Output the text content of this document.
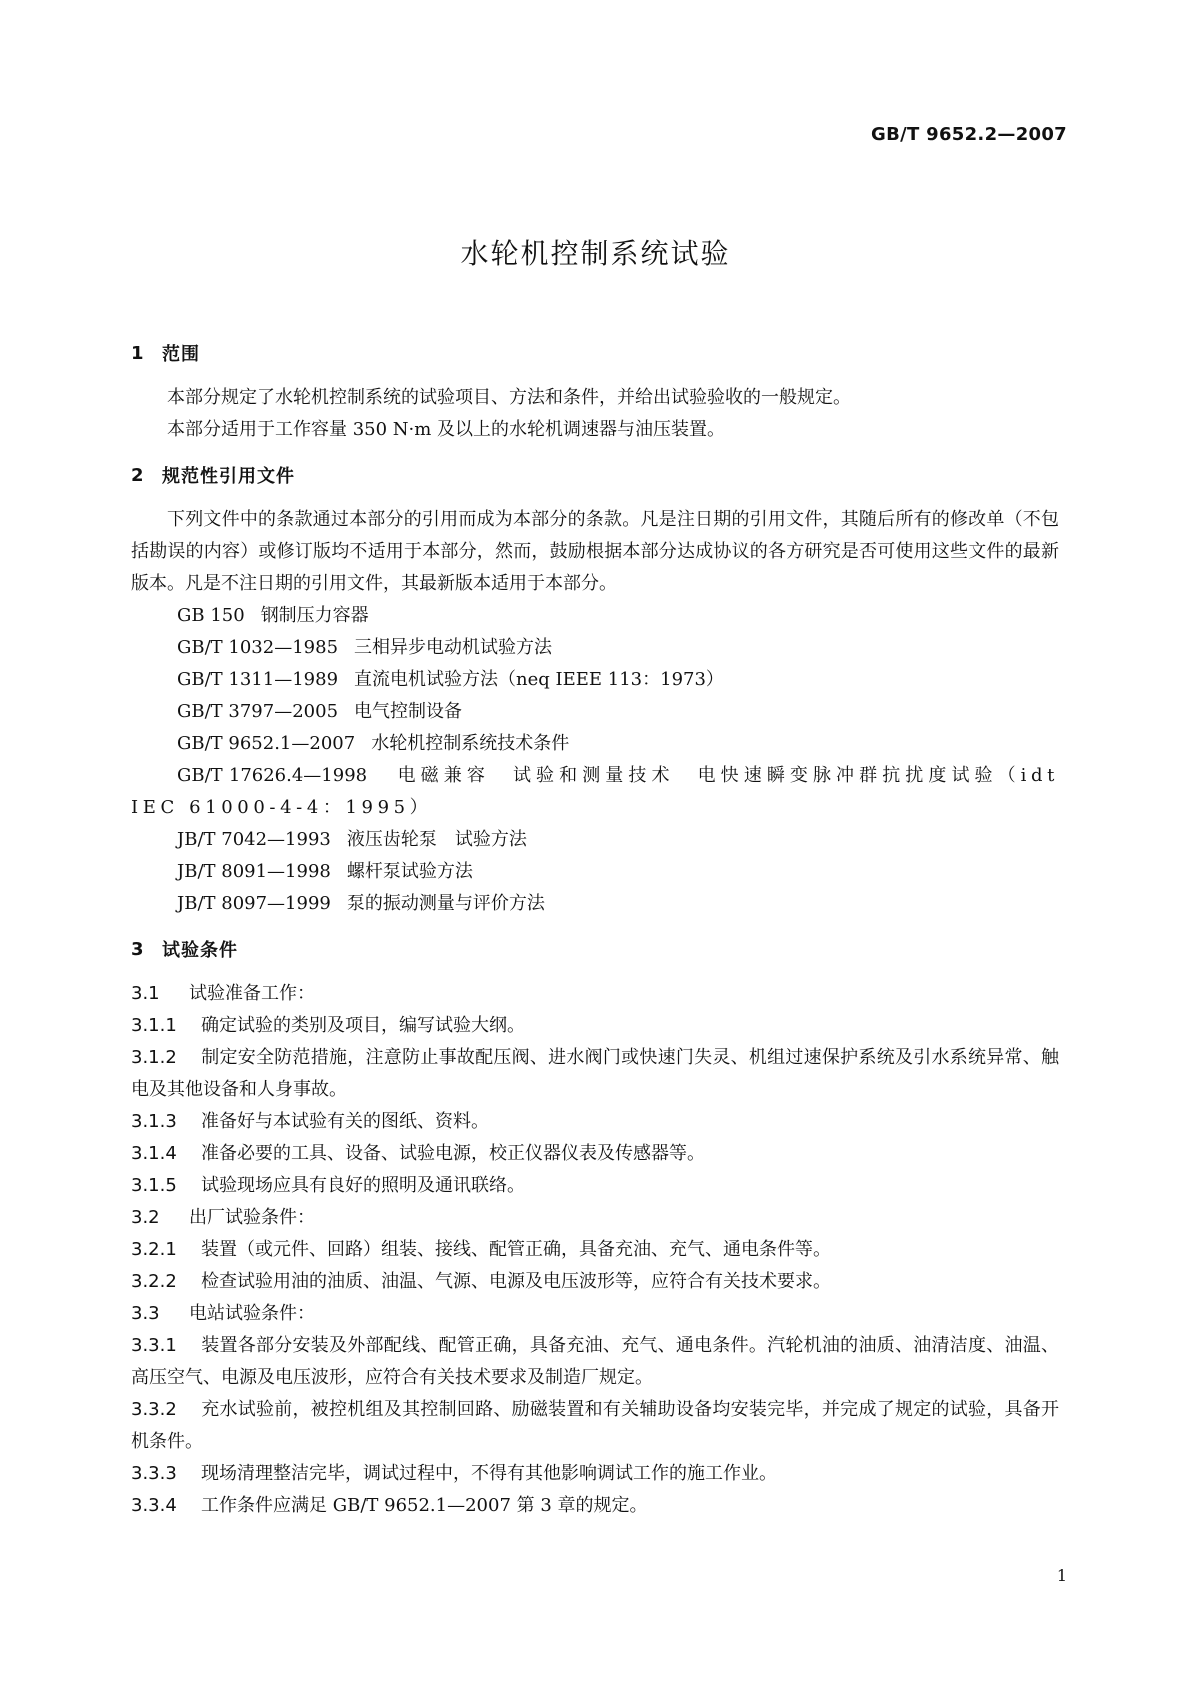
GB/T 9652.2—2007
水轮机控制系统试验
1 范围

本部分规定了水轮机控制系统的试验项目、方法和条件，并给出试验验收的一般规定。

本部分适用于工作容量 350 N·m 及以上的水轮机调速器与油压装置。

2 规范性引用文件

下列文件中的条款通过本部分的引用而成为本部分的条款。凡是注日期的引用文件，其随后所有的修改单（不包括勘误的内容）或修订版均不适用于本部分，然而，鼓励根据本部分达成协议的各方研究是否可使用这些文件的最新版本。凡是不注日期的引用文件，其最新版本适用于本部分。

GB 150 钢制压力容器

GB/T 1032—1985 三相异步电动机试验方法

GB/T 1311—1989 直流电机试验方法（neq IEEE 113：1973）

GB/T 3797—2005 电气控制设备

GB/T 9652.1—2007 水轮机控制系统技术条件

GB/T 17626.4—1998 电磁兼容　试验和测量技术　电快速瞬变脉冲群抗扰度试验（idt IEC 61000-4-4：1995）

JB/T 7042—1993 液压齿轮泵　试验方法

JB/T 8091—1998 螺杆泵试验方法

JB/T 8097—1999 泵的振动测量与评价方法

3 试验条件

3.1 试验准备工作：

3.1.1 确定试验的类别及项目，编写试验大纲。

3.1.2 制定安全防范措施，注意防止事故配压阀、进水阀门或快速门失灵、机组过速保护系统及引水系统异常、触电及其他设备和人身事故。

3.1.3 准备好与本试验有关的图纸、资料。

3.1.4 准备必要的工具、设备、试验电源，校正仪器仪表及传感器等。

3.1.5 试验现场应具有良好的照明及通讯联络。

3.2 出厂试验条件：

3.2.1 装置（或元件、回路）组装、接线、配管正确，具备充油、充气、通电条件等。

3.2.2 检查试验用油的油质、油温、气源、电源及电压波形等，应符合有关技术要求。

3.3 电站试验条件：

3.3.1 装置各部分安装及外部配线、配管正确，具备充油、充气、通电条件。汽轮机油的油质、油清洁度、油温、高压空气、电源及电压波形，应符合有关技术要求及制造厂规定。

3.3.2 充水试验前，被控机组及其控制回路、励磁装置和有关辅助设备均安装完毕，并完成了规定的试验，具备开机条件。

3.3.3 现场清理整洁完毕，调试过程中，不得有其他影响调试工作的施工作业。

3.3.4 工作条件应满足 GB/T 9652.1—2007 第 3 章的规定。

1
